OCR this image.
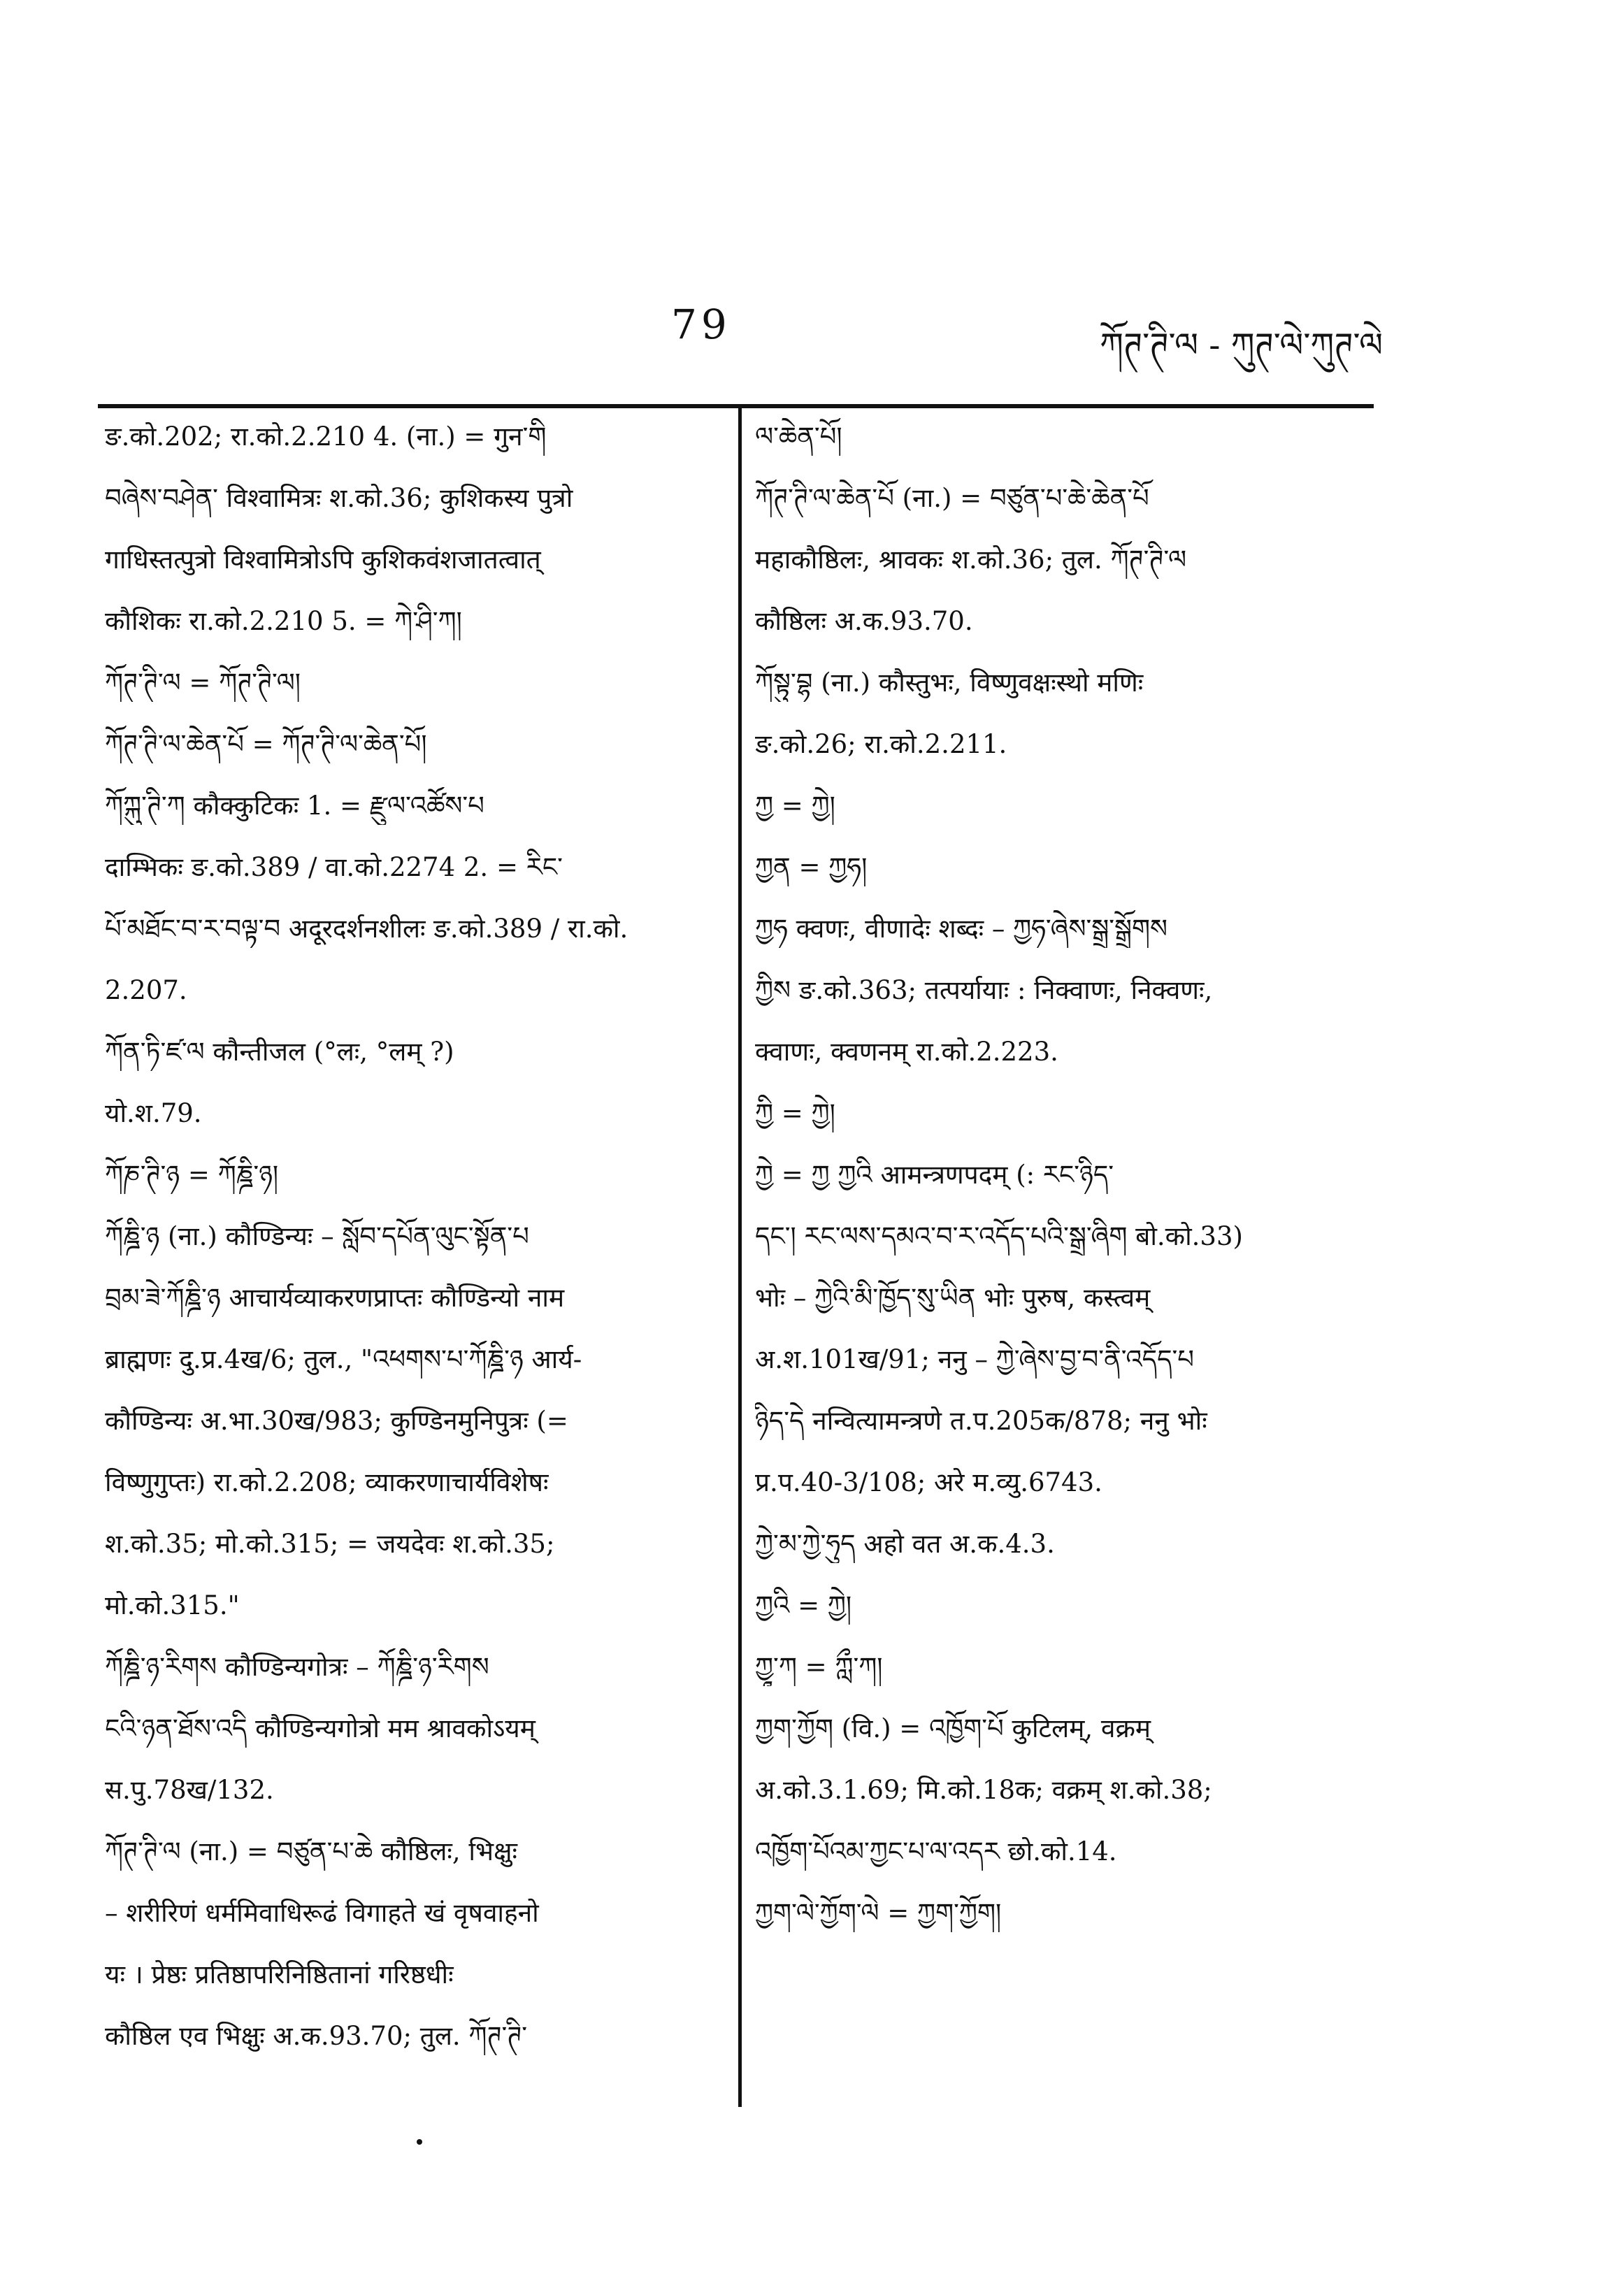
79	ཀོཊ་ཊི་ལ - ཀུཊ་ལེ་ཀུཊ་ལེ
ङ.को.202; रा.को.2.210 4. (ना.) = गुन་གི
བཞེས་བཤེན་ विश्वामित्रः श.को.36; कुशिकस्य पुत्रो
गाधिस्तत्पुत्रो विश्वामित्रोऽपि कुशिकवंशजातत्वात्
कौशिकः रा.को.2.210 5. = ཀེ་ཤི་ཀ།
ཀོཊ་ཊི་ལ = ཀོཊ་ཊི་ལ།
ཀོཊ་ཊི་ལ་ཆེན་པོ = ཀོཊ་ཊི་ལ་ཆེན་པོ།
ཀོཀྐུ་ཊི་ཀ कौक्कुटिकः 1. = རྫུལ་འཚོས་པ
दाम्भिकः ङ.को.389 / वा.को.2274 2. = རིང་
པོ་མཐོང་བ་ར་བལྟ་བ अदूरदर्शनशीलः ङ.को.389 / रा.को.
2.207.
ཀོན་ཏི་ཛ་ལ कौन्तीजल (°लः, °लम् ?)
यो.श.79.
ཀོཎ་ཊི་ཉ = ཀོཎྜི་ཉ།
ཀོཎྜི་ཉ (ना.) कौण्डिन्यः – སློབ་དཔོན་ལུང་སྟོན་པ
བྲམ་ཟེ་ཀོཎྜི་ཉ आचार्यव्याकरणप्राप्तः कौण्डिन्यो नाम
ब्राह्मणः दु.प्र.4ख/6; तुल., "འཕགས་པ་ཀོཎྜི་ཉ आर्य-
कौण्डिन्यः अ.भा.30ख/983; कुण्डिनमुनिपुत्रः (=
विष्णुगुप्तः) रा.को.2.208; व्याकरणाचार्यविशेषः
श.को.35; मो.को.315; = जयदेवः श.को.35;
मो.को.315."
ཀོཎྜི་ཉ་རིགས कौण्डिन्यगोत्रः – ཀོཎྜི་ཉ་རིགས
ངའི་ཉན་ཐོས་འདི कौण्डिन्यगोत्रो मम श्रावकोऽयम्
स.पु.78ख/132.
ཀོཊ་ཊི་ལ (ना.) = བཙུན་པ་ཆེ कौष्ठिलः, भिक्षुः
– शरीरिणं धर्ममिवाधिरूढं विगाहते खं वृषवाहनो
यः । प्रेष्ठः प्रतिष्ठापरिनिष्ठितानां गरिष्ठधीः
कौष्ठिल एव भिक्षुः अ.क.93.70; तुल. ཀོཊ་ཊི་
ལ་ཆེན་པོ།
ཀོཊ་ཊི་ལ་ཆེན་པོ (ना.) = བཙུན་པ་ཆེ་ཆེན་པོ
महाकौष्ठिलः, श्रावकः श.को.36; तुल. ཀོཊ་ཊི་ལ
कौष्ठिलः अ.क.93.70.
ཀོསྟུ་བྷ (ना.) कौस्तुभः, विष्णुवक्षःस्थो मणिः
ङ.को.26; रा.को.2.211.
ཀྱ = ཀྱེ།
ཀྱན = ཀྱཧ།
ཀྱཧ क्वणः, वीणादेः शब्दः – ཀྱཧ་ཞེས་སྒྲ་སྒྲོགས
ཀྱིས ङ.को.363; तत्पर्यायाः : निक्वाणः, निक्वणः,
क्वाणः, क्वणनम् रा.को.2.223.
ཀྱི = ཀྱེ།
ཀྱེ = ཀྱ ཀྱའི आमन्त्रणपदम् (: རང་ཉིད་
དང་། རང་ལས་དམའ་བ་ར་འདོད་པའི་སྒྲ་ཞིག बो.को.33)
भोः – ཀྱེའི་མི་ཁྱོད་སུ་ཡིན भोः पुरुष, कस्त्वम्
अ.श.101ख/91; ननु – ཀྱེ་ཞེས་བྱ་བ་ནི་འདོད་པ
ཉིད་དེ नन्वित्यामन्त्रणे त.प.205क/878; ननु भोः
प्र.प.40-3/108; अरे म.व्यु.6743.
ཀྱེ་མ་ཀྱེ་ཧུད अहो वत अ.क.4.3.
ཀྱའི = ཀྱེ།
ཀྱཱ་ཀ = ཀླྀ་ཀ།
ཀྱག་ཀྱོག (वि.) = འཁྱོག་པོ कुटिलम्, वक्रम्
अ.को.3.1.69; मि.को.18क; वक्रम् श.को.38;
འཁྱོག་པོའམ་ཀྱང་པ་ལ་འདར छो.को.14.
ཀྱག་ལེ་ཀྱོག་ལེ = ཀྱག་ཀྱོག།
